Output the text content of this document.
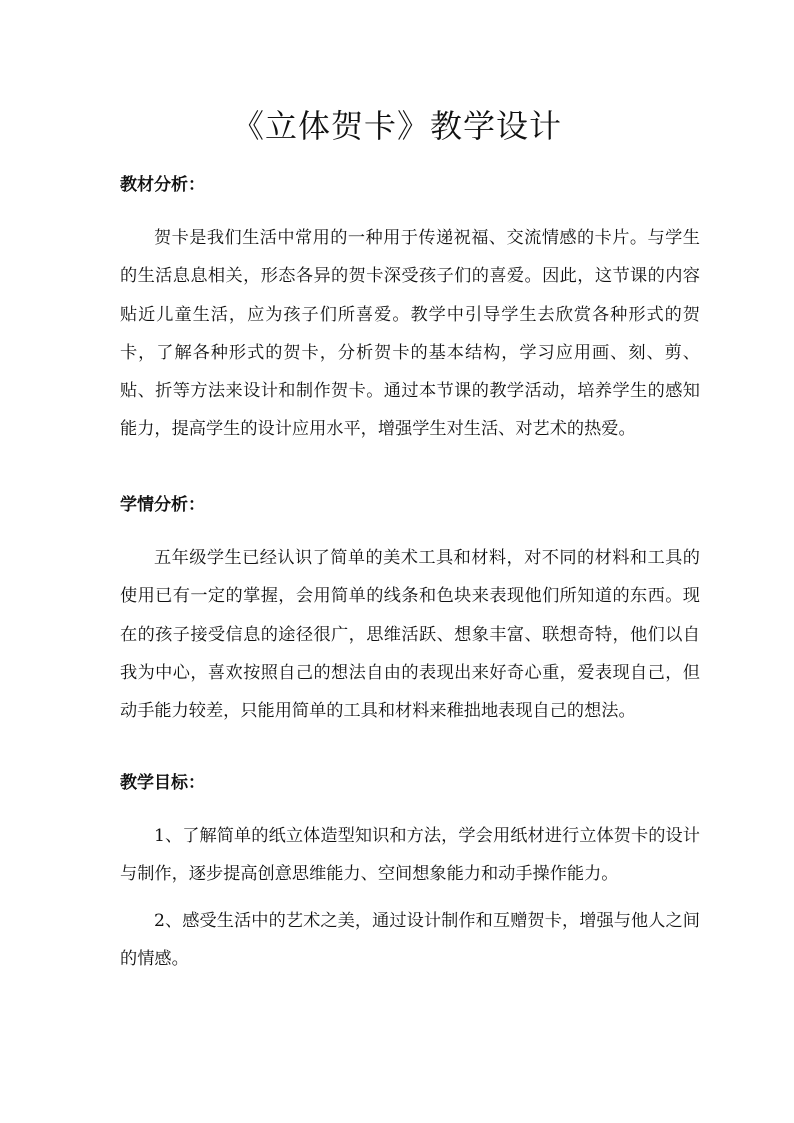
《立体贺卡》教学设计
教材分析：
贺卡是我们生活中常用的一种用于传递祝福、交流情感的卡片。与学生的生活息息相关，形态各异的贺卡深受孩子们的喜爱。因此，这节课的内容贴近儿童生活，应为孩子们所喜爱。教学中引导学生去欣赏各种形式的贺卡，了解各种形式的贺卡，分析贺卡的基本结构，学习应用画、刻、剪、贴、折等方法来设计和制作贺卡。通过本节课的教学活动，培养学生的感知能力，提高学生的设计应用水平，增强学生对生活、对艺术的热爱。
学情分析：
五年级学生已经认识了简单的美术工具和材料，对不同的材料和工具的使用已有一定的掌握，会用简单的线条和色块来表现他们所知道的东西。现在的孩子接受信息的途径很广，思维活跃、想象丰富、联想奇特，他们以自我为中心，喜欢按照自己的想法自由的表现出来好奇心重，爱表现自己，但动手能力较差，只能用简单的工具和材料来稚拙地表现自己的想法。
教学目标：
1、了解简单的纸立体造型知识和方法，学会用纸材进行立体贺卡的设计与制作，逐步提高创意思维能力、空间想象能力和动手操作能力。
2、感受生活中的艺术之美，通过设计制作和互赠贺卡，增强与他人之间的情感。
